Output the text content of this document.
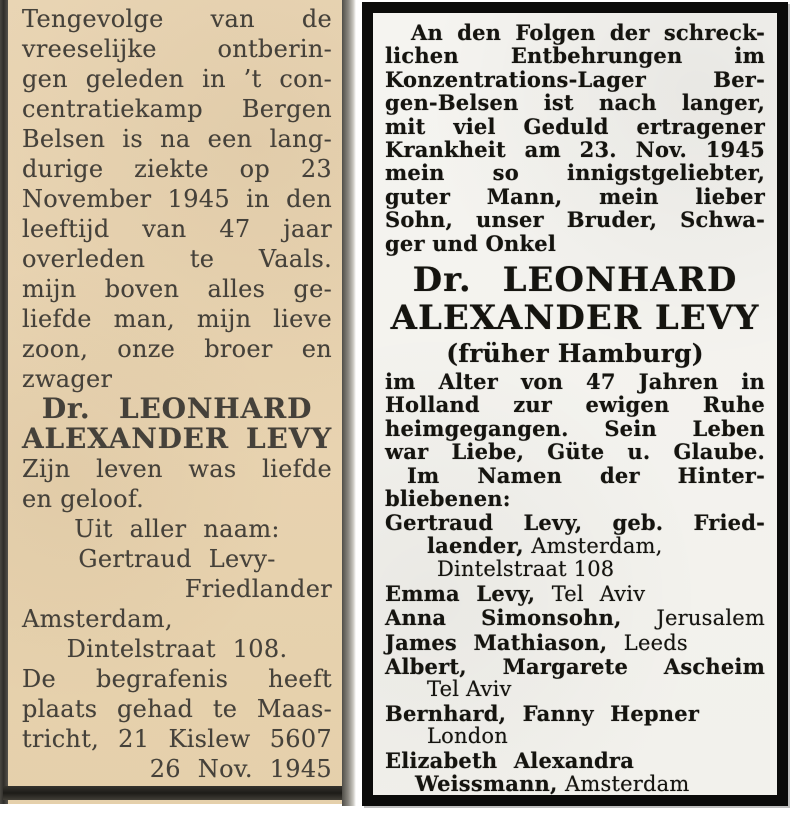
Tengevolge van de
vreeselijke ontberin-
gen geleden in ’t con-
centratiekamp Bergen
Belsen is na een lang-
durige ziekte op 23
November 1945 in den
leeftijd van 47 jaar
overleden te Vaals.
mijn boven alles ge-
liefde man, mijn lieve
zoon, onze broer en
zwager
Dr. LEONHARD
ALEXANDER LEVY
Zijn leven was liefde
en geloof.
Uit aller naam:
Gertraud Levy-
Friedlander
Amsterdam,
Dintelstraat 108.
De begrafenis heeft
plaats gehad te Maas-
tricht, 21 Kislew 5607
26 Nov. 1945
An den Folgen der schreck-
lichen Entbehrungen im
Konzentrations-Lager Ber-
gen-Belsen ist nach langer,
mit viel Geduld ertragener
Krankheit am 23. Nov. 1945
mein so innigstgeliebter,
guter Mann, mein lieber
Sohn, unser Bruder, Schwa-
ger und Onkel
Dr. LEONHARD
ALEXANDER LEVY
(früher Hamburg)
im Alter von 47 Jahren in
Holland zur ewigen Ruhe
heimgegangen. Sein Leben
war Liebe, Güte u. Glaube.
Im Namen der Hinter-
bliebenen:
Gertraud Levy, geb. Fried-
laender, Amsterdam,
Dintelstraat 108
Emma Levy, Tel Aviv
Anna Simonsohn, Jerusalem
James Mathiason, Leeds
Albert, Margarete Ascheim
Tel Aviv
Bernhard, Fanny Hepner
London
Elizabeth Alexandra
Weissmann, Amsterdam
